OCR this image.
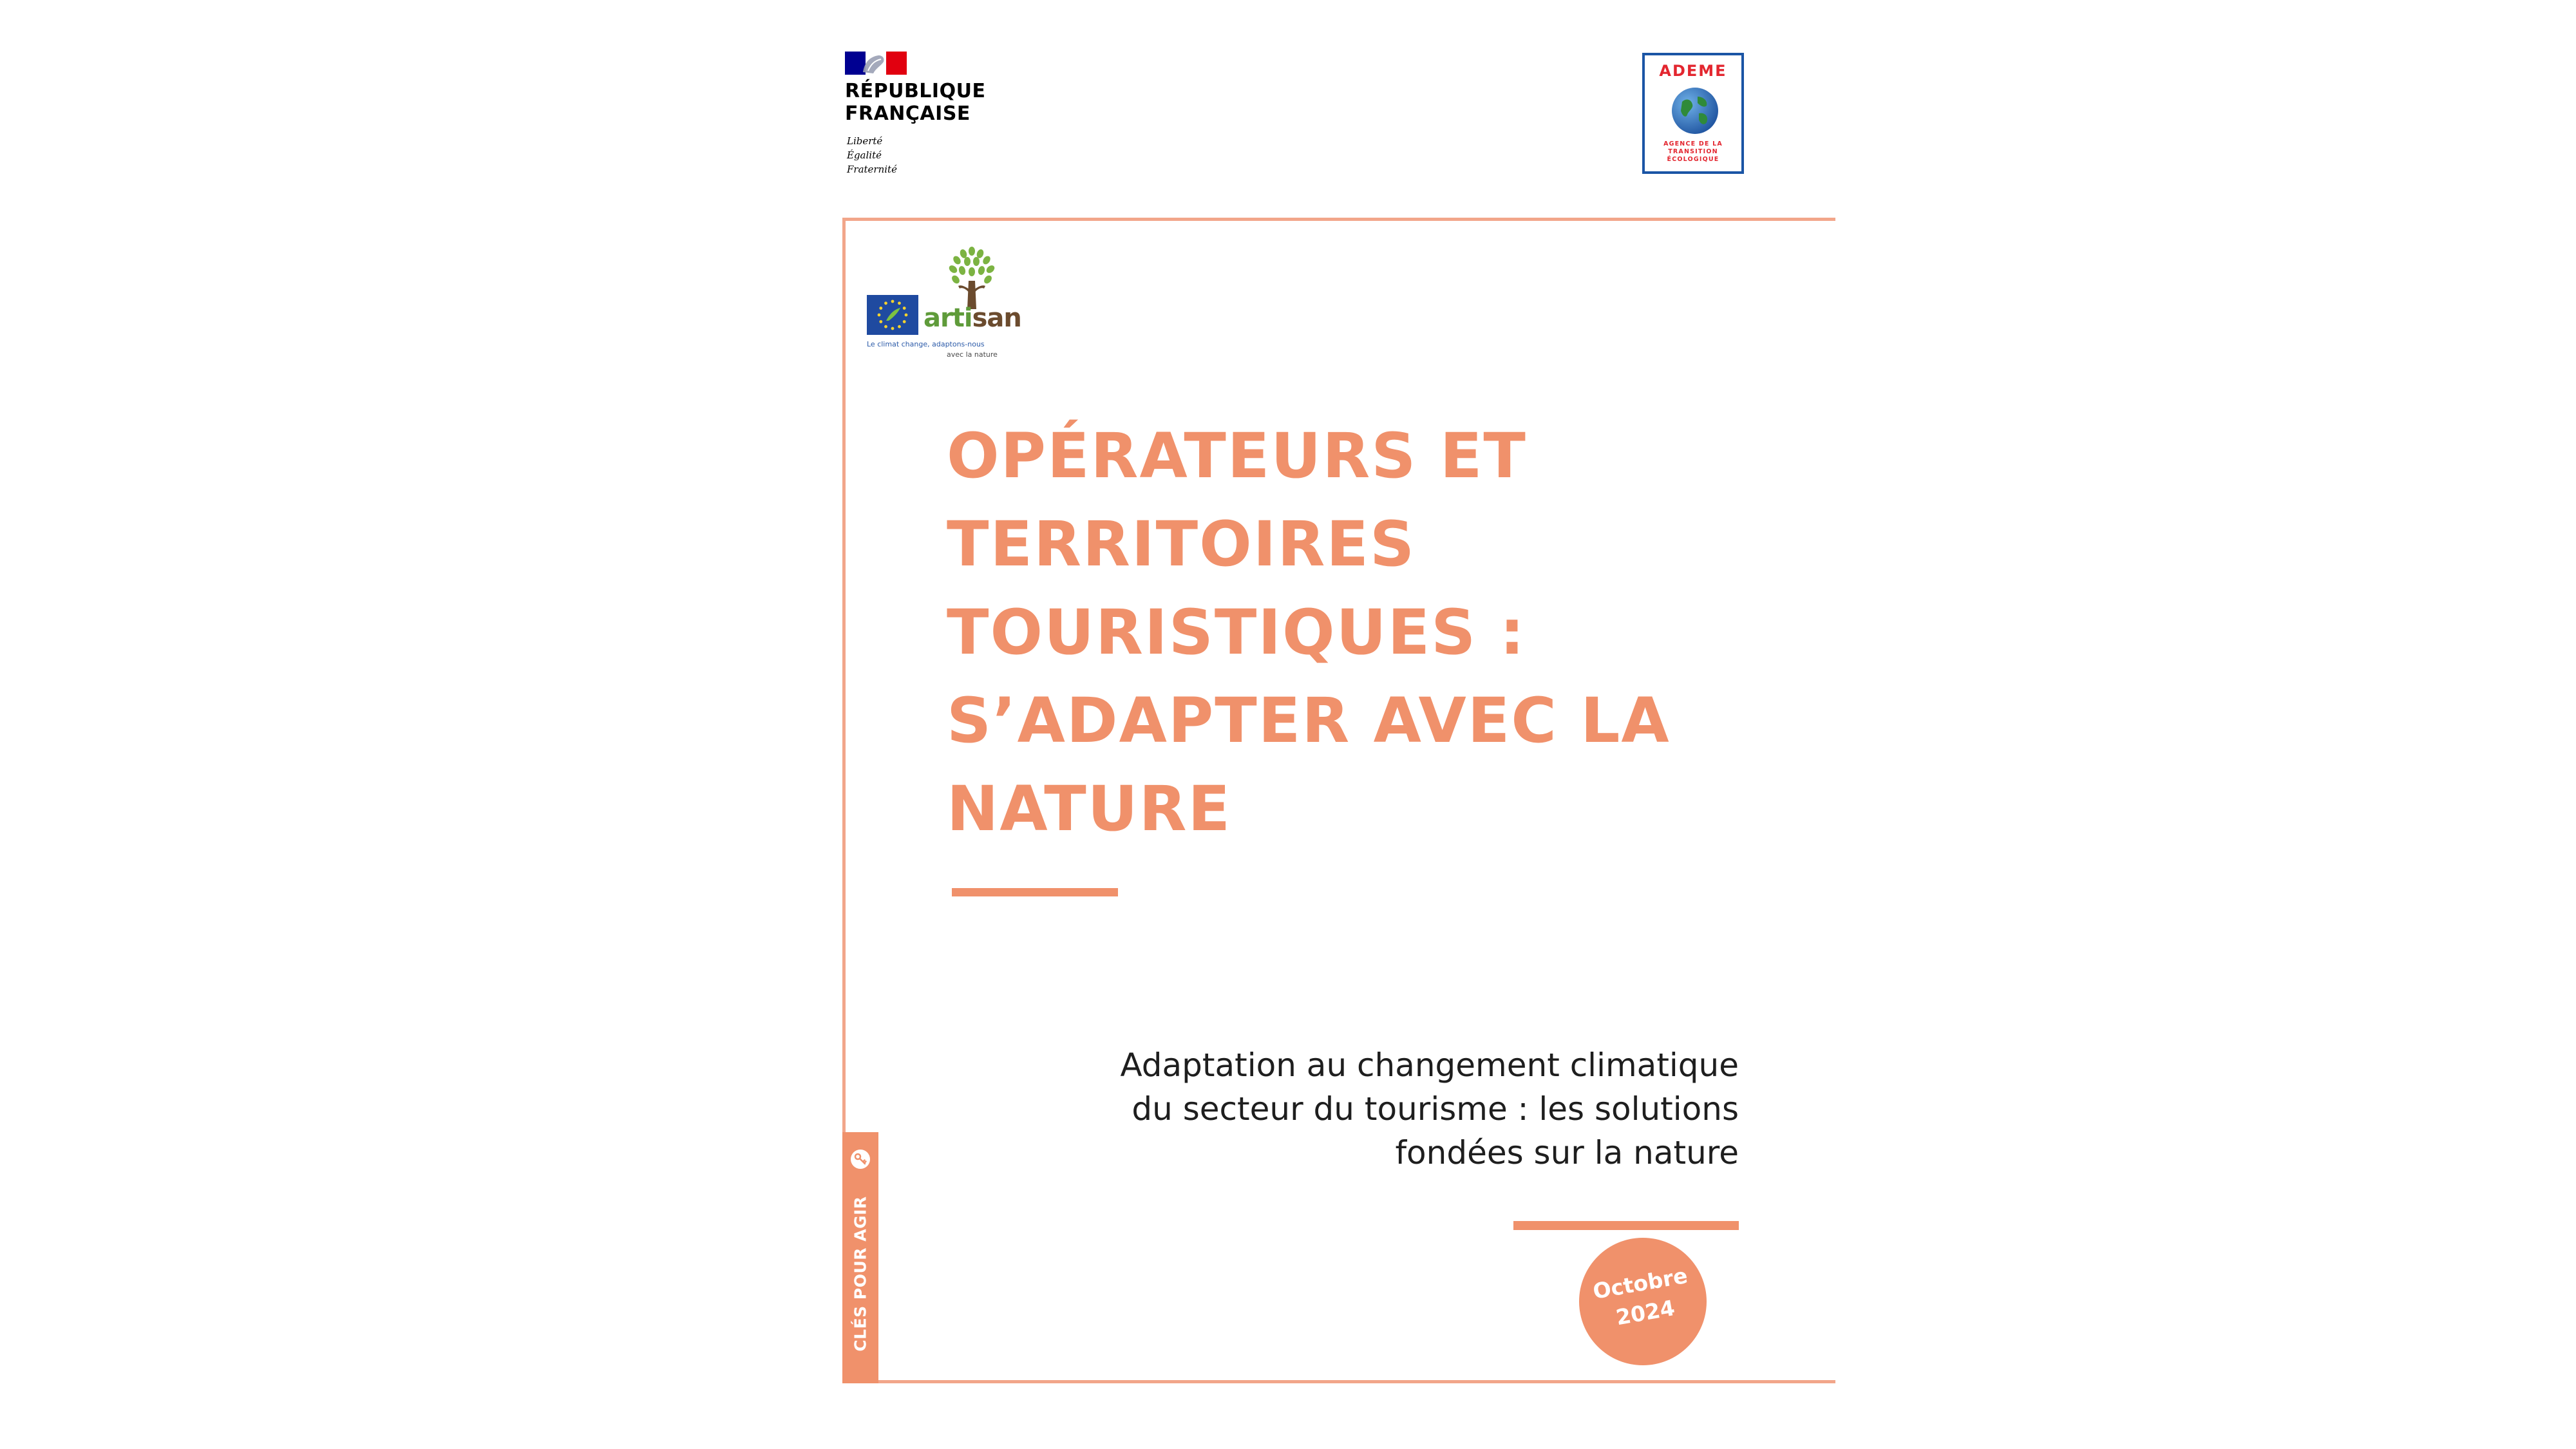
RÉPUBLIQUE
FRANÇAISE
Liberté
Égalité
Fraternité
ADEME
AGENCE DE LA
TRANSITION
ÉCOLOGIQUE
artisan
Le climat change, adaptons-nous
avec la nature
OPÉRATEURS ET
TERRITOIRES
TOURISTIQUES :
S’ADAPTER AVEC LA
NATURE
Adaptation au changement climatique
du secteur du tourisme : les solutions
fondées sur la nature
Octobre
2024
CLÉS POUR AGIR
